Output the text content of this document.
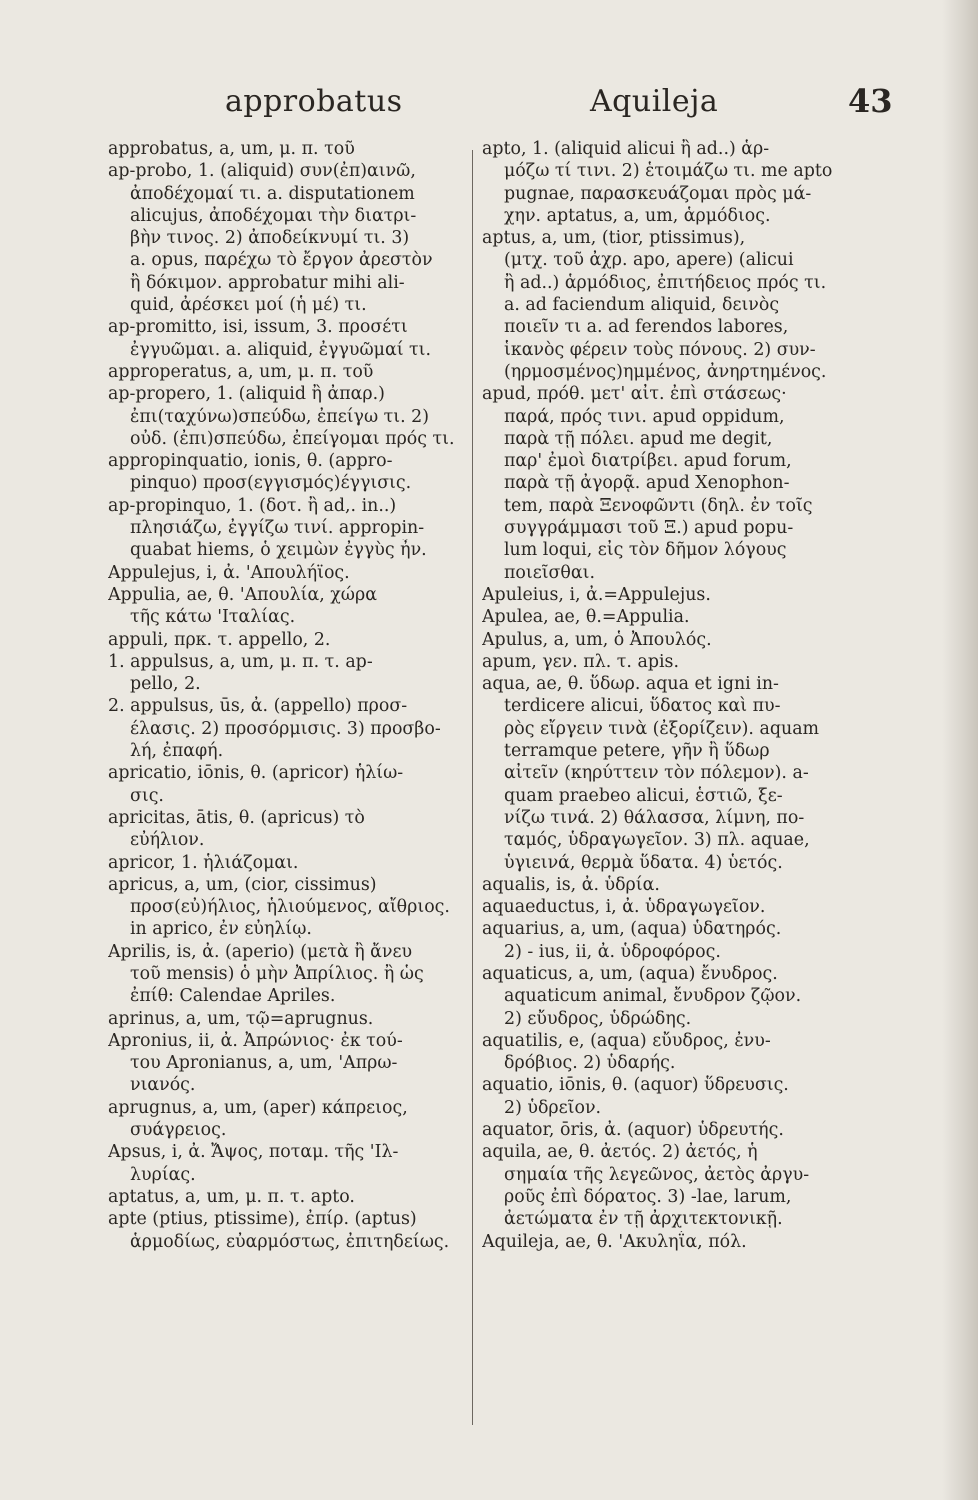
approbatus	Aquileja	43
approbatus, a, um, μ. π. τοῦ
ap-probo, 1. (aliquid) συν(ἐπ)αινῶ,
ἀποδέχομαί τι. a. disputationem
alicujus, ἀποδέχομαι τὴν διατρι-
βὴν τινος. 2) ἀποδείκνυμί τι. 3)
a. opus, παρέχω τὸ ἔργον ἀρεστὸν
ἢ δόκιμον. approbatur mihi ali-
quid, ἀρέσκει μοί (ἡ μέ) τι.
ap-promitto, isi, issum, 3. προσέτι
ἐγγυῶμαι. a. aliquid, ἐγγυῶμαί τι.
approperatus, a, um, μ. π. τοῦ
ap-propero, 1. (aliquid ἢ ἀπαρ.)
ἐπι(ταχύνω)σπεύδω, ἐπείγω τι. 2)
οὐδ. (ἐπι)σπεύδω, ἐπείγομαι πρός τι.
appropinquatio, ionis, θ. (appro-
pinquo) προσ(εγγισμός)έγγισις.
ap-propinquo, 1. (δοτ. ἢ ad,. in..)
πλησιάζω, ἐγγίζω τινί. appropin-
quabat hiems, ὁ χειμὼν ἐγγὺς ἦν.
Appulejus, i, ἀ. 'Απουλήϊος.
Appulia, ae, θ. 'Απουλία, χώρα
τῆς κάτω 'Ιταλίας.
appuli, πρκ. τ. appello, 2.
1. appulsus, a, um, μ. π. τ. ap-
pello, 2.
2. appulsus, ūs, ἀ. (appello) προσ-
έλασις. 2) προσόρμισις. 3) προσβο-
λή, ἐπαφή.
apricatio, iōnis, θ. (apricor) ἡλίω-
σις.
apricitas, ātis, θ. (apricus) τὸ
εὐήλιον.
apricor, 1. ἡλιάζομαι.
apricus, a, um, (cior, cissimus)
προσ(εὐ)ήλιος, ἡλιούμενος, αἴθριος.
in aprico, ἐν εὐηλίῳ.
Aprilis, is, ἀ. (aperio) (μετὰ ἢ ἄνευ
τοῦ mensis) ὁ μὴν Ἀπρίλιος. ἢ ὡς
ἐπίθ: Calendae Apriles.
aprinus, a, um, τῷ=aprugnus.
Apronius, ii, ἀ. Ἀπρώνιος· ἐκ τού-
του Apronianus, a, um, 'Απρω-
νιανός.
aprugnus, a, um, (aper) κάπρειος,
συάγρειος.
Apsus, i, ἀ. Ἄψος, ποταμ. τῆς 'Ιλ-
λυρίας.
aptatus, a, um, μ. π. τ. apto.
apte (ptius, ptissime), ἐπίρ. (aptus)
ἁρμοδίως, εὐαρμόστως, ἐπιτηδείως.
apto, 1. (aliquid alicui ἢ ad..) ἁρ-
μόζω τί τινι. 2) ἑτοιμάζω τι. me apto
pugnae, παρασκευάζομαι πρὸς μά-
χην. aptatus, a, um, ἁρμόδιος.
aptus, a, um, (tior, ptissimus),
(μτχ. τοῦ ἀχρ. apo, apere) (alicui
ἢ ad..) ἁρμόδιος, ἐπιτήδειος πρός τι.
a. ad faciendum aliquid, δεινὸς
ποιεῖν τι a. ad ferendos labores,
ἱκανὸς φέρειν τοὺς πόνους. 2) συν-
(ηρμοσμένος)ημμένος, ἀνηρτημένος.
apud, πρόθ. μετ' αἰτ. ἐπὶ στάσεως·
παρά, πρός τινι. apud oppidum,
παρὰ τῇ πόλει. apud me degit,
παρ' ἐμοὶ διατρίβει. apud forum,
παρὰ τῇ ἀγορᾷ. apud Xenophon-
tem, παρὰ Ξενοφῶντι (δηλ. ἐν τοῖς
συγγράμμασι τοῦ Ξ.) apud popu-
lum loqui, εἰς τὸν δῆμον λόγους
ποιεῖσθαι.
Apuleius, i, ἀ.=Appulejus.
Apulea, ae, θ.=Appulia.
Apulus, a, um, ὁ Ἀπουλός.
apum, γεν. πλ. τ. apis.
aqua, ae, θ. ὕδωρ. aqua et igni in-
terdicere alicui, ὕδατος καὶ πυ-
ρὸς εἴργειν τινὰ (ἐξορίζειν). aquam
terramque petere, γῆν ἢ ὕδωρ
αἰτεῖν (κηρύττειν τὸν πόλεμον). a-
quam praebeo alicui, ἑστιῶ, ξε-
νίζω τινά. 2) θάλασσα, λίμνη, πο-
ταμός, ὑδραγωγεῖον. 3) πλ. aquae,
ὑγιεινά, θερμὰ ὕδατα. 4) ὑετός.
aqualis, is, ἀ. ὑδρία.
aquaeductus, i, ἀ. ὑδραγωγεῖον.
aquarius, a, um, (aqua) ὑδατηρός.
2) - ius, ii, ἀ. ὑδροφόρος.
aquaticus, a, um, (aqua) ἔνυδρος.
aquaticum animal, ἔνυδρον ζῷον.
2) εὔυδρος, ὑδρώδης.
aquatilis, e, (aqua) εὔυδρος, ἐνυ-
δρόβιος. 2) ὑδαρής.
aquatio, iōnis, θ. (aquor) ὕδρευσις.
2) ὑδρεῖον.
aquator, ōris, ἀ. (aquor) ὑδρευτής.
aquila, ae, θ. ἀετός. 2) ἀετός, ἡ
σημαία τῆς λεγεῶνος, ἀετὸς ἀργυ-
ροῦς ἐπὶ δόρατος. 3) -lae, larum,
ἀετώματα ἐν τῇ ἀρχιτεκτονικῇ.
Aquileja, ae, θ. 'Ακυληΐα, πόλ.
